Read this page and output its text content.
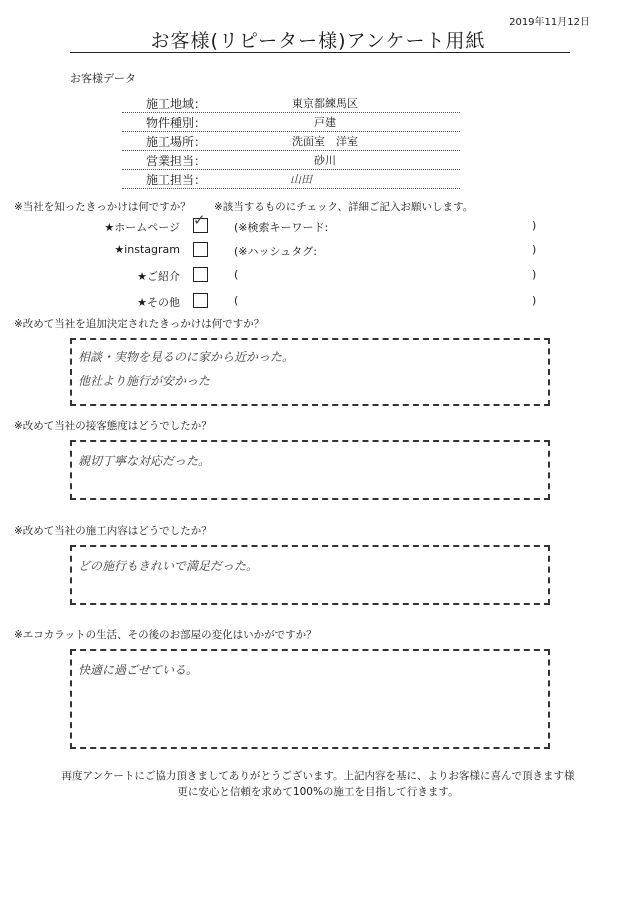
2019年11月12日
お客様(リピーター様)アンケート用紙
お客様データ
施工地域：	東京都練馬区
物件種別：	戸建
施工場所：	洗面室　洋室
営業担当：	砂川
施工担当：	山田
※当社を知ったきっかけは何ですか？ ※該当するものにチェック、詳細ご記入お願いします。
★ホームページ ✓	(※検索キーワード:	)
★instagram	(※ハッシュタグ:	)
★ご紹介	(	)
★その他	(	)
※改めて当社を追加決定されたきっかけは何ですか？
相談・実物を見るのに家から近かった。
他社より施行が安かった
※改めて当社の接客態度はどうでしたか？
親切丁寧な対応だった。
※改めて当社の施工内容はどうでしたか？
どの施行もきれいで満足だった。
※エコカラットの生活、その後のお部屋の変化はいかがですか？
快適に過ごせている。
再度アンケートにご協力頂きましてありがとうございます。上記内容を基に、よりお客様に喜んで頂きます様
更に安心と信頼を求めて100%の施工を目指して行きます。
